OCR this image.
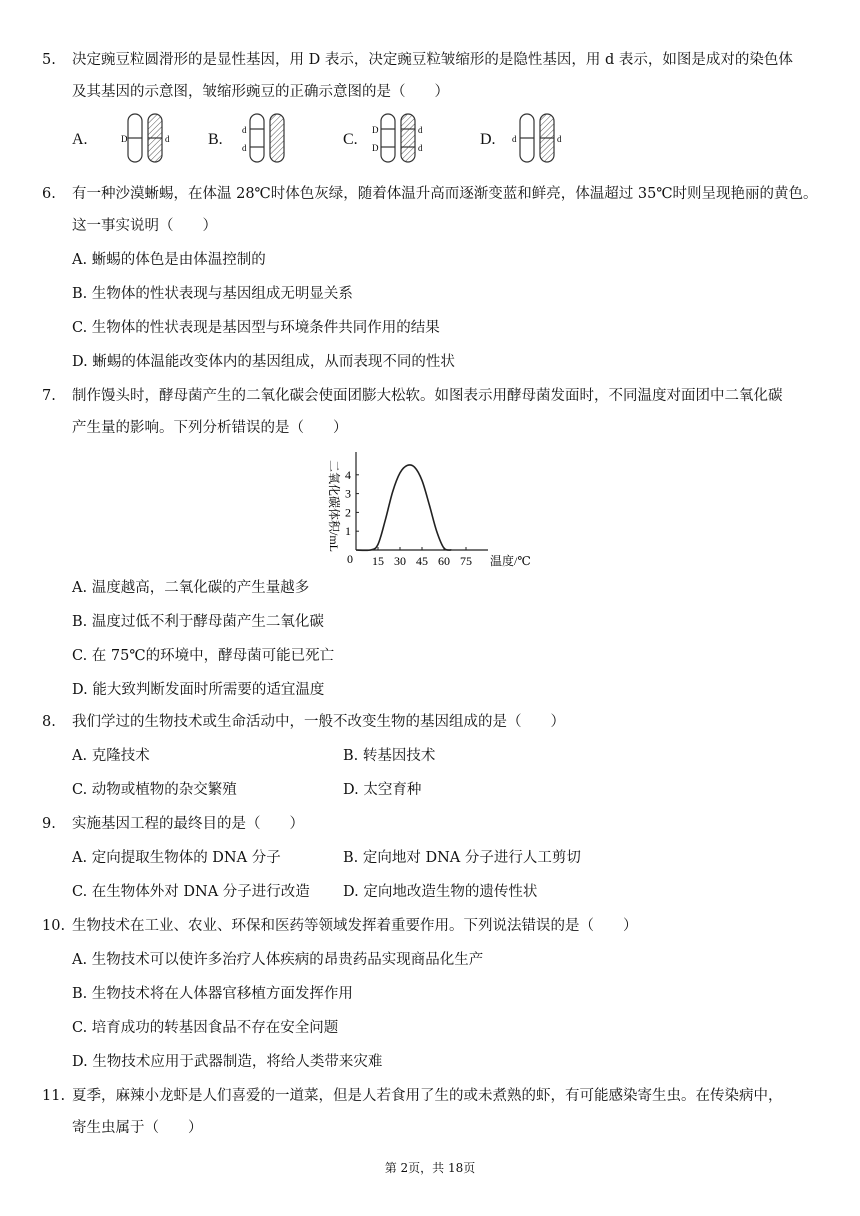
5. 决定豌豆粒圆滑形的是显性基因，用 D 表示，决定豌豆粒皱缩形的是隐性基因，用 d 表示，如图是成对的染色体
及其基因的示意图，皱缩形豌豆的正确示意图的是（　　）
A.	D	d B.
d
d	C.
D
D
d
d	D. d	d
6. 有一种沙漠蜥蜴，在体温 28℃时体色灰绿，随着体温升高而逐渐变蓝和鲜亮，体温超过 35℃时则呈现艳丽的黄色。
这一事实说明（　　）
A. 蜥蜴的体色是由体温控制的
B. 生物体的性状表现与基因组成无明显关系
C. 生物体的性状表现是基因型与环境条件共同作用的结果
D. 蜥蜴的体温能改变体内的基因组成，从而表现不同的性状
7. 制作馒头时，酵母菌产生的二氧化碳会使面团膨大松软。如图表示用酵母菌发面时，不同温度对面团中二氧化碳
产生量的影响。下列分析错误的是（　　）
二氧化碳体积/mL
0 15 30 45 60 75
1
2
3
4
温度/℃
A. 温度越高，二氧化碳的产生量越多
B. 温度过低不利于酵母菌产生二氧化碳
C. 在 75℃的环境中，酵母菌可能已死亡
D. 能大致判断发面时所需要的适宜温度
8. 我们学过的生物技术或生命活动中，一般不改变生物的基因组成的是（　　）
A. 克隆技术	B. 转基因技术
C. 动物或植物的杂交繁殖	D. 太空育种
9. 实施基因工程的最终目的是（　　）
A. 定向提取生物体的 DNA 分子	B. 定向地对 DNA 分子进行人工剪切
C. 在生物体外对 DNA 分子进行改造 D. 定向地改造生物的遗传性状
10. 生物技术在工业、农业、环保和医药等领域发挥着重要作用。下列说法错误的是（　　）
A. 生物技术可以使许多治疗人体疾病的昂贵药品实现商品化生产
B. 生物技术将在人体器官移植方面发挥作用
C. 培育成功的转基因食品不存在安全问题
D. 生物技术应用于武器制造，将给人类带来灾难
11. 夏季，麻辣小龙虾是人们喜爱的一道菜，但是人若食用了生的或未煮熟的虾，有可能感染寄生虫。在传染病中，
寄生虫属于（　　）
第 2页，共 18页
